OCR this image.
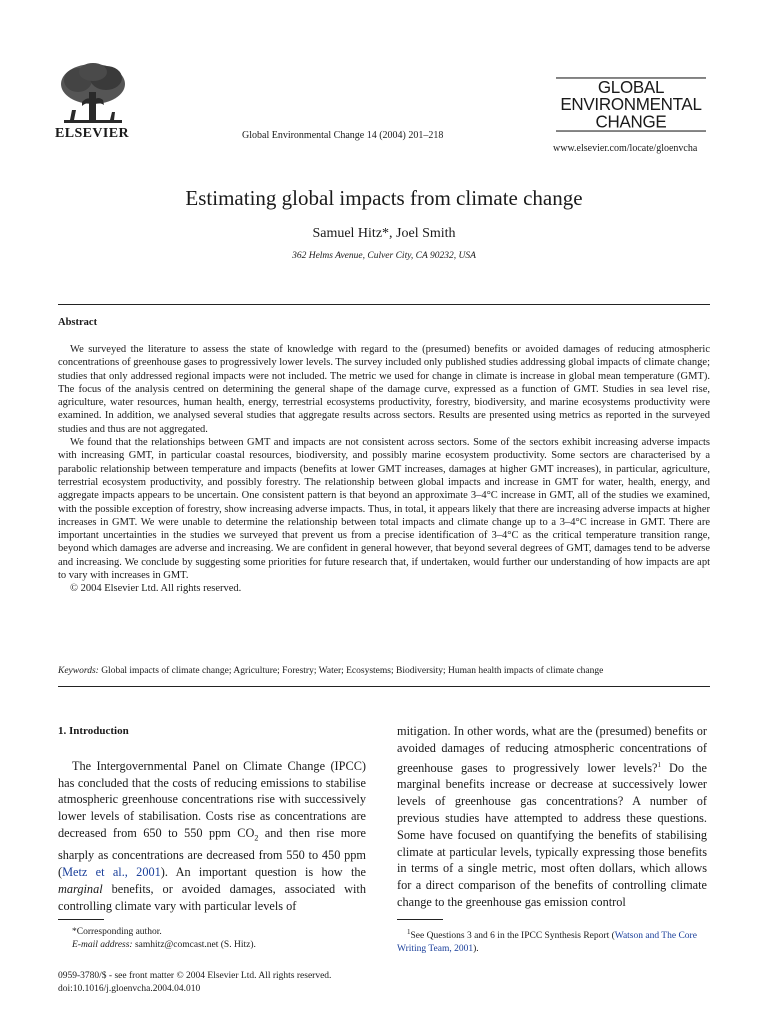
ELSEVIER	Global Environmental Change 14 (2004) 201–218
GLOBAL
ENVIRONMENTAL
CHANGE
www.elsevier.com/locate/gloenvcha
Estimating global impacts from climate change
Samuel Hitz*, Joel Smith
362 Helms Avenue, Culver City, CA 90232, USA
Abstract

We surveyed the literature to assess the state of knowledge with regard to the (presumed) benefits or avoided damages of reducing atmospheric concentrations of greenhouse gases to progressively lower levels. The survey included only published studies addressing global impacts of climate change; studies that only addressed regional impacts were not included. The metric we used for change in climate is increase in global mean temperature (GMT). The focus of the analysis centred on determining the general shape of the damage curve, expressed as a function of GMT. Studies in sea level rise, agriculture, water resources, human health, energy, terrestrial ecosystems productivity, forestry, biodiversity, and marine ecosystems productivity were examined. In addition, we analysed several studies that aggregate results across sectors. Results are presented using metrics as reported in the surveyed studies and thus are not aggregated.

We found that the relationships between GMT and impacts are not consistent across sectors. Some of the sectors exhibit increasing adverse impacts with increasing GMT, in particular coastal resources, biodiversity, and possibly marine ecosystem productivity. Some sectors are characterised by a parabolic relationship between temperature and impacts (benefits at lower GMT increases, damages at higher GMT increases), in particular, agriculture, terrestrial ecosystem productivity, and possibly forestry. The relationship between global impacts and increase in GMT for water, health, energy, and aggregate impacts appears to be uncertain. One consistent pattern is that beyond an approximate 3–4°C increase in GMT, all of the studies we examined, with the possible exception of forestry, show increasing adverse impacts. Thus, in total, it appears likely that there are increasing adverse impacts at higher increases in GMT. We were unable to determine the relationship between total impacts and climate change up to a 3–4°C increase in GMT. There are important uncertainties in the studies we surveyed that prevent us from a precise identification of 3–4°C as the critical temperature transition range, beyond which damages are adverse and increasing. We are confident in general however, that beyond several degrees of GMT, damages tend to be adverse and increasing. We conclude by suggesting some priorities for future research that, if undertaken, would further our understanding of how impacts are apt to vary with increases in GMT.

© 2004 Elsevier Ltd. All rights reserved.

Keywords: Global impacts of climate change; Agriculture; Forestry; Water; Ecosystems; Biodiversity; Human health impacts of climate change
1. Introduction

The Intergovernmental Panel on Climate Change (IPCC) has concluded that the costs of reducing emissions to stabilise atmospheric greenhouse concentrations rise with successively lower levels of stabilisation. Costs rise as concentrations are decreased from 650 to 550 ppm $CO_2$ and then rise more sharply as concentrations are decreased from 550 to 450 ppm (Metz et al., 2001). An important question is how the marginal benefits, or avoided damages, associated with controlling climate vary with particular levels of

mitigation. In other words, what are the (presumed) benefits or avoided damages of reducing atmospheric concentrations of greenhouse gases to progressively lower levels?$^1$ Do the marginal benefits increase or decrease at successively lower levels of greenhouse gas concentrations? A number of previous studies have attempted to address these questions. Some have focused on quantifying the benefits of stabilising climate at particular levels, typically expressing those benefits in terms of a single metric, most often dollars, which allows for a direct comparison of the benefits of controlling climate change to the greenhouse gas emission control

*Corresponding author.
E-mail address: samhitz@comcast.net (S. Hitz).
$^1$See Questions 3 and 6 in the IPCC Synthesis Report (Watson and The Core Writing Team, 2001).
0959-3780/$ - see front matter © 2004 Elsevier Ltd. All rights reserved.
doi:10.1016/j.gloenvcha.2004.04.010
